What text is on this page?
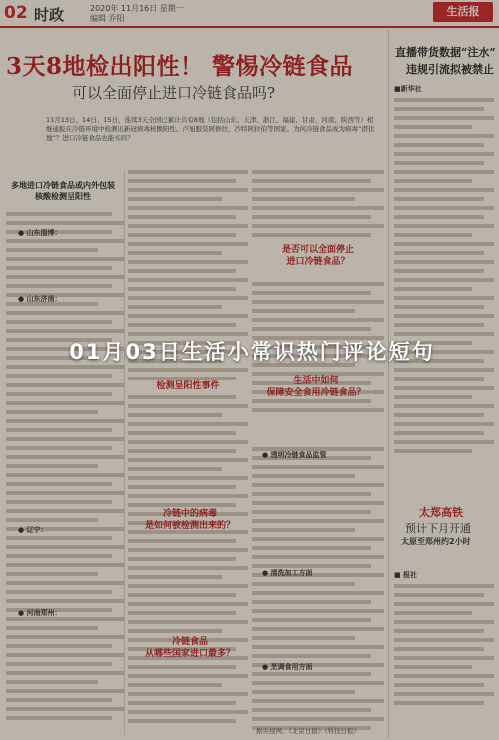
02 时政	2020年 11月16日 星期一
编辑 乔阳
生活报
3天8地检出阳性！ 警惕冷链食品
可以全面停止进口冷链食品吗?
11月13日、14日、15日，连续3天全国已累计共有8地（包括山东、天津、浙江、福建、甘肃、河南、陕西等）相继通报在冷链环境中检测出新冠病毒核酸阳性。卢旭服装阿修拉，沙特阿拉伯等国家。为何冷链食品成为病毒“潜伏地”？进口冷链食品也能买吗？
多地进口冷链食品或内外包装
核酸检测呈阳性
● 山东淄博：
● 山东济南：
● 辽宁：
● 河南郑州：
是否可以全面停止
进口冷链食品？
检测呈阳性事件	生活中如何
保障安全食用冷链食品？
冷链中的病毒
是如何被检测出来的？
冷链食品
从哪些国家进口最多？
● 透明冷链食品监管
● 清洗加工方面
● 烹调食用方面
据央视网、《北京日报》《科技日报》
直播带货数据“注水”
违规引流拟被禁止
■新华社
太郑高铁
预计下月开通
太原至郑州约2小时
■ 报社
01月03日生活小常识热门评论短句
